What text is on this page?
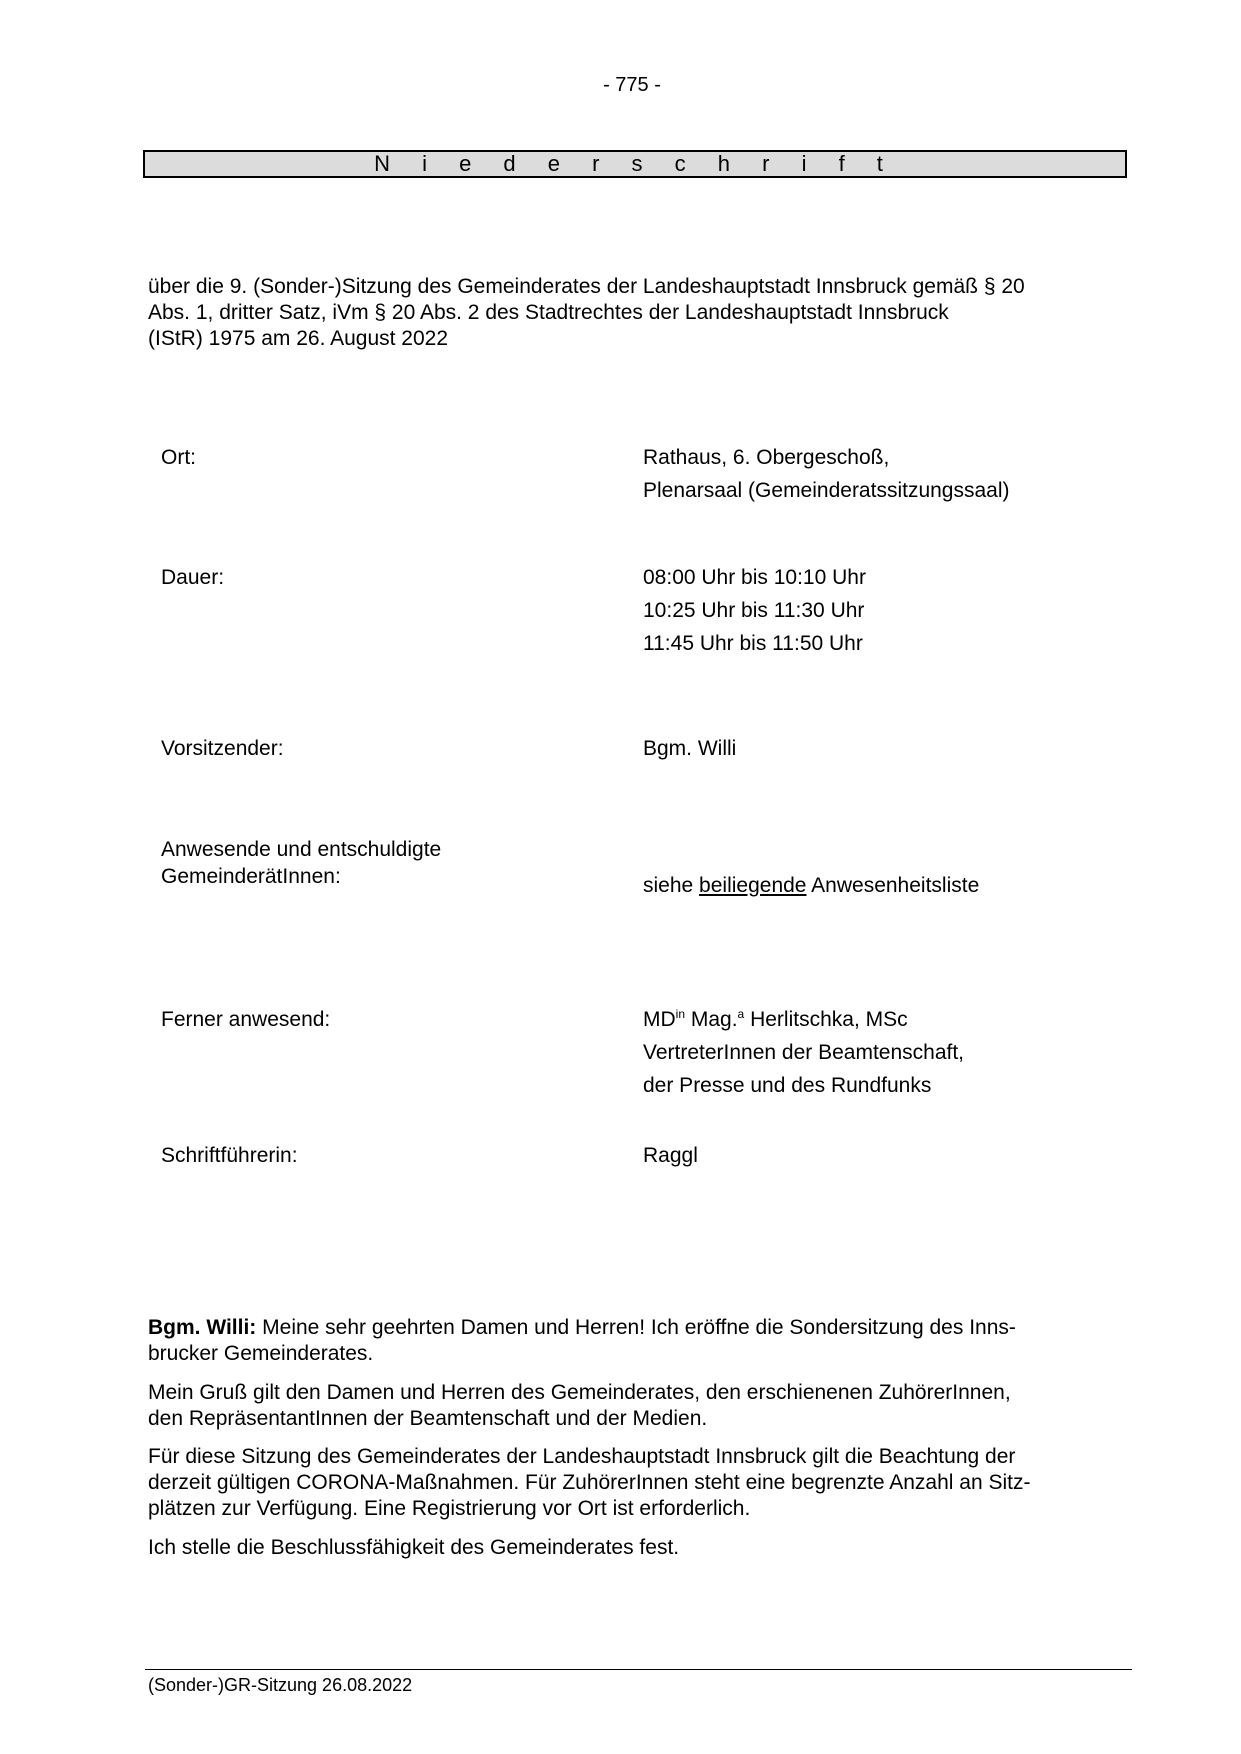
- 775 -
N i e d e r s c h r i f t
über die 9. (Sonder-)Sitzung des Gemeinderates der Landeshauptstadt Innsbruck gemäß § 20
Abs. 1, dritter Satz, iVm § 20 Abs. 2 des Stadtrechtes der Landeshauptstadt Innsbruck
(IStR) 1975 am 26. August 2022
Ort:	Rathaus, 6. Obergeschoß,
Plenarsaal (Gemeinderatssitzungssaal)
Dauer:	08:00 Uhr bis 10:10 Uhr
10:25 Uhr bis 11:30 Uhr
11:45 Uhr bis 11:50 Uhr
Vorsitzender:	Bgm. Willi
Anwesende und entschuldigte
GemeinderätInnen:	siehe beiliegende Anwesenheitsliste
Ferner anwesend:	$MD^{in}$ Mag.$^a$ Herlitschka, MSc
VertreterInnen der Beamtenschaft,
der Presse und des Rundfunks
Schriftführerin:	Raggl

Bgm. Willi: Meine sehr geehrten Damen und Herren! Ich eröffne die Sondersitzung des Inns-
brucker Gemeinderates.

Mein Gruß gilt den Damen und Herren des Gemeinderates, den erschienenen ZuhörerInnen,
den RepräsentantInnen der Beamtenschaft und der Medien.

Für diese Sitzung des Gemeinderates der Landeshauptstadt Innsbruck gilt die Beachtung der
derzeit gültigen CORONA-Maßnahmen. Für ZuhörerInnen steht eine begrenzte Anzahl an Sitz-
plätzen zur Verfügung. Eine Registrierung vor Ort ist erforderlich.

Ich stelle die Beschlussfähigkeit des Gemeinderates fest.

(Sonder-)GR-Sitzung 26.08.2022
